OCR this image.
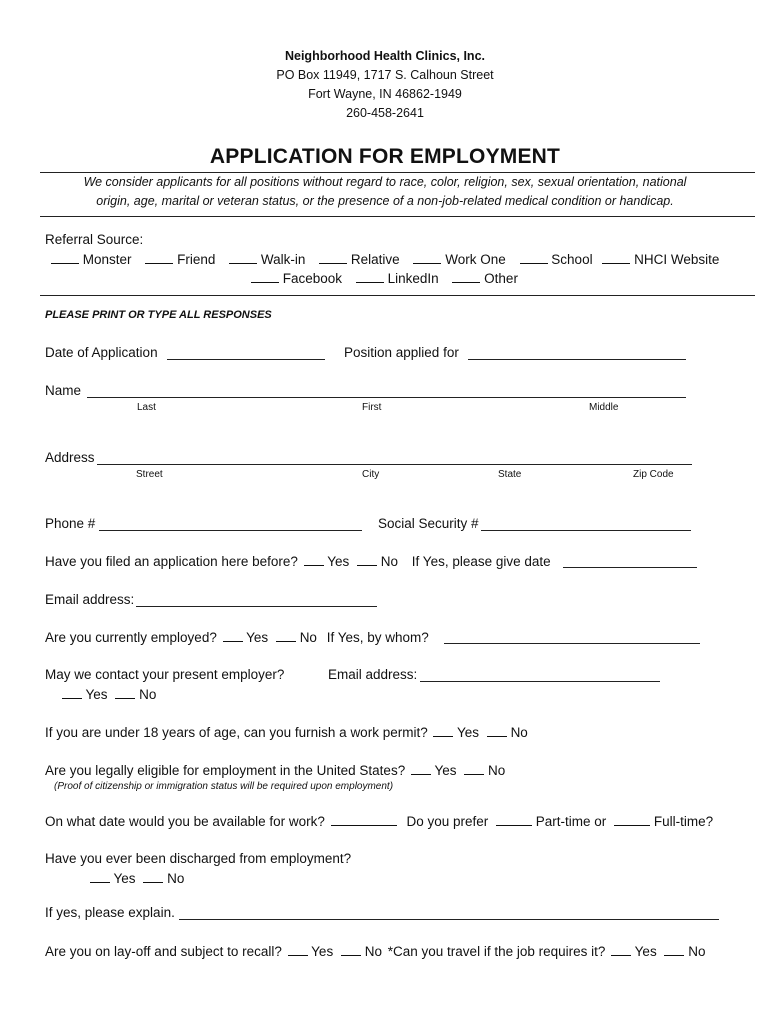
Neighborhood Health Clinics, Inc.
PO Box 11949, 1717 S. Calhoun Street
Fort Wayne, IN 46862-1949
260-458-2641
APPLICATION FOR EMPLOYMENT
We consider applicants for all positions without regard to race, color, religion, sex, sexual orientation, national
origin, age, marital or veteran status, or the presence of a non-job-related medical condition or handicap.
Referral Source:
Monster	Friend	Walk-in	Relative	Work One	School	NHCI Website
Facebook	LinkedIn	Other
PLEASE PRINT OR TYPE ALL RESPONSES
Date of Application	Position applied for
Name
Last	First	Middle
Address
Street	City	State	Zip Code
Phone #	Social Security #
Have you filed an application here before? Yes No If Yes, please give date
Email address:
Are you currently employed? Yes No If Yes, by whom?
May we contact your present employer?	Email address:
Yes No
If you are under 18 years of age, can you furnish a work permit? Yes No
Are you legally eligible for employment in the United States? Yes No
(Proof of citizenship or immigration status will be required upon employment)
On what date would you be available for work?	Do you prefer	Part-time or	Full-time?
Have you ever been discharged from employment?
Yes No
If yes, please explain.
Are you on lay-off and subject to recall? Yes No *Can you travel if the job requires it? Yes No
